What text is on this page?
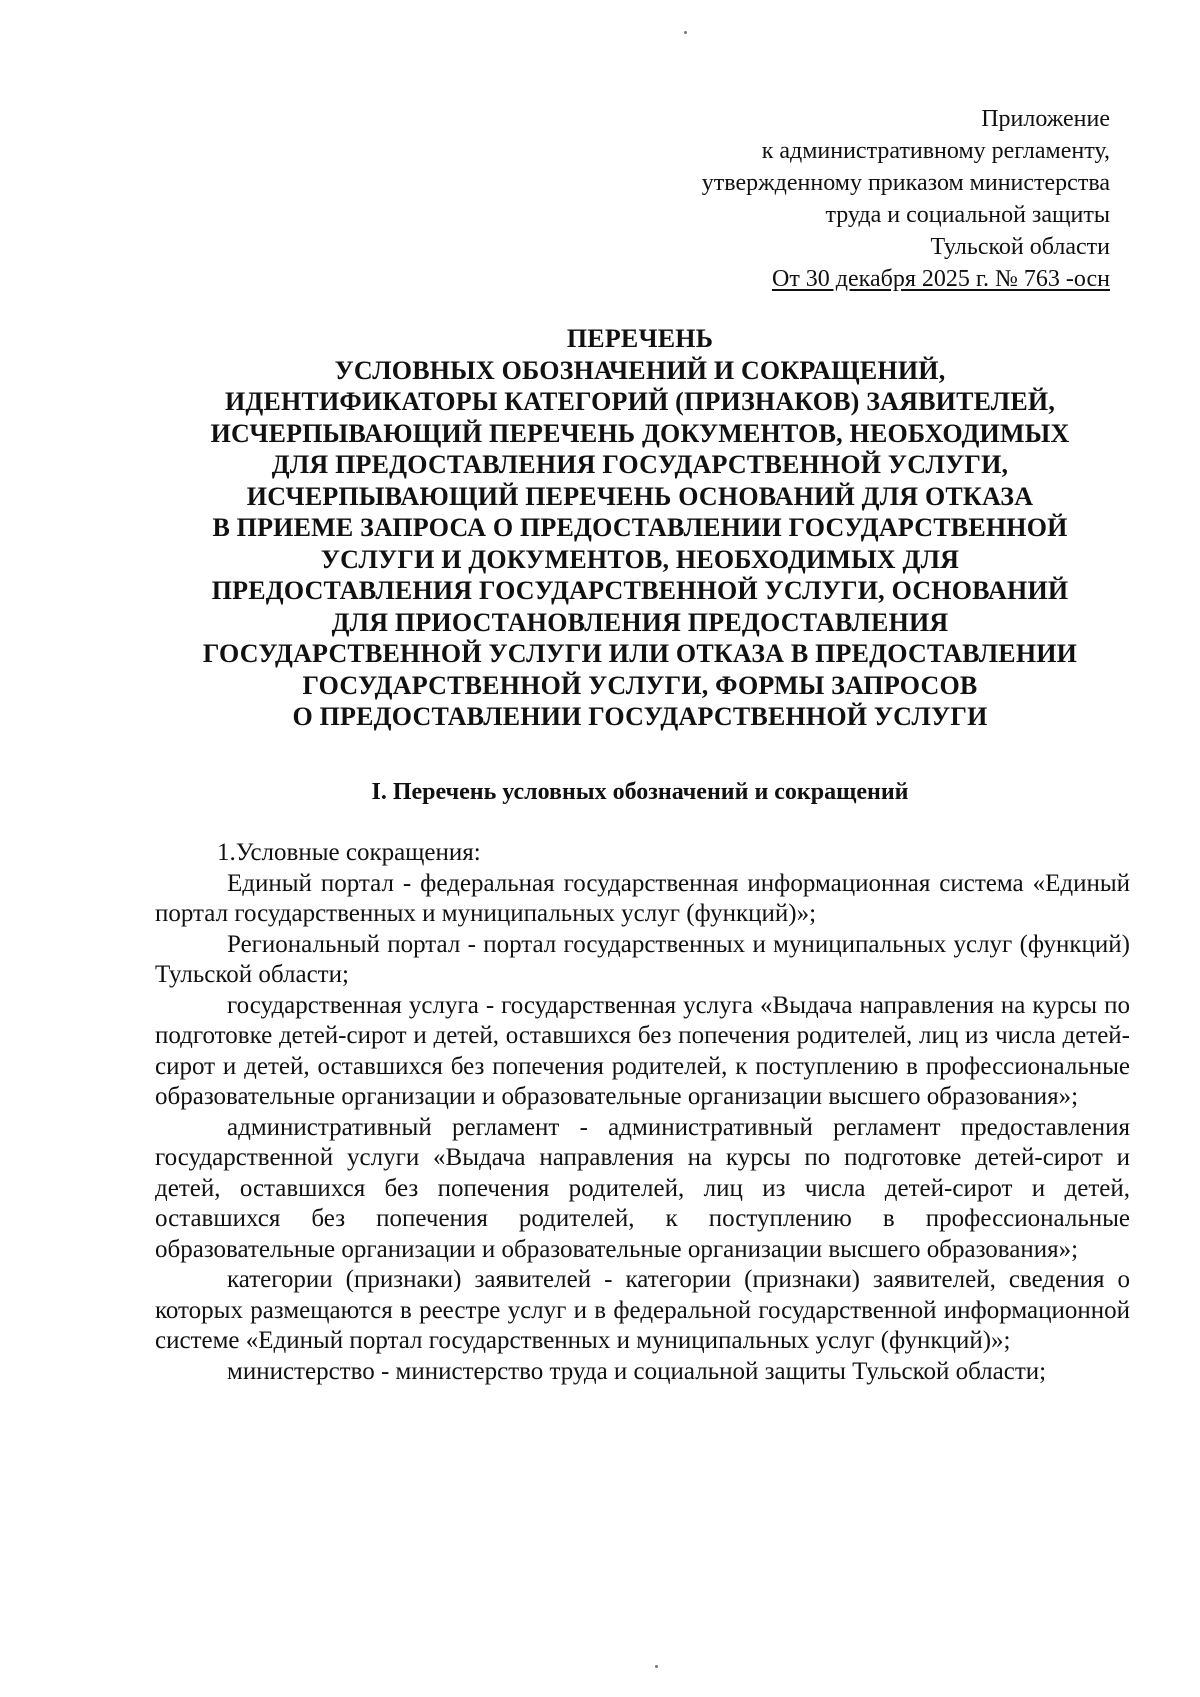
Приложение
к административному регламенту,
утвержденному приказом министерства
труда и социальной защиты
Тульской области
От 30 декабря 2025 г. № 763 -осн
ПЕРЕЧЕНЬ
УСЛОВНЫХ ОБОЗНАЧЕНИЙ И СОКРАЩЕНИЙ,
ИДЕНТИФИКАТОРЫ КАТЕГОРИЙ (ПРИЗНАКОВ) ЗАЯВИТЕЛЕЙ,
ИСЧЕРПЫВАЮЩИЙ ПЕРЕЧЕНЬ ДОКУМЕНТОВ, НЕОБХОДИМЫХ
ДЛЯ ПРЕДОСТАВЛЕНИЯ ГОСУДАРСТВЕННОЙ УСЛУГИ,
ИСЧЕРПЫВАЮЩИЙ ПЕРЕЧЕНЬ ОСНОВАНИЙ ДЛЯ ОТКАЗА
В ПРИЕМЕ ЗАПРОСА О ПРЕДОСТАВЛЕНИИ ГОСУДАРСТВЕННОЙ
УСЛУГИ И ДОКУМЕНТОВ, НЕОБХОДИМЫХ ДЛЯ
ПРЕДОСТАВЛЕНИЯ ГОСУДАРСТВЕННОЙ УСЛУГИ, ОСНОВАНИЙ
ДЛЯ ПРИОСТАНОВЛЕНИЯ ПРЕДОСТАВЛЕНИЯ
ГОСУДАРСТВЕННОЙ УСЛУГИ ИЛИ ОТКАЗА В ПРЕДОСТАВЛЕНИИ
ГОСУДАРСТВЕННОЙ УСЛУГИ, ФОРМЫ ЗАПРОСОВ
О ПРЕДОСТАВЛЕНИИ ГОСУДАРСТВЕННОЙ УСЛУГИ
I. Перечень условных обозначений и сокращений
1.Условные сокращения:
Единый портал - федеральная государственная информационная система «Единый портал государственных и муниципальных услуг (функций)»;
Региональный портал - портал государственных и муниципальных услуг (функций) Тульской области;
государственная услуга - государственная услуга «Выдача направления на курсы по подготовке детей-сирот и детей, оставшихся без попечения родителей, лиц из числа детей-сирот и детей, оставшихся без попечения родителей, к поступлению в профессиональные образовательные организации и образовательные организации высшего образования»;
административный регламент - административный регламент предоставления государственной услуги «Выдача направления на курсы по подготовке детей-сирот и детей, оставшихся без попечения родителей, лиц из числа детей-сирот и детей, оставшихся без попечения родителей, к поступлению в профессиональные образовательные организации и образовательные организации высшего образования»;
категории (признаки) заявителей - категории (признаки) заявителей, сведения о которых размещаются в реестре услуг и в федеральной государственной информационной системе «Единый портал государственных и муниципальных услуг (функций)»;
министерство - министерство труда и социальной защиты Тульской области;
